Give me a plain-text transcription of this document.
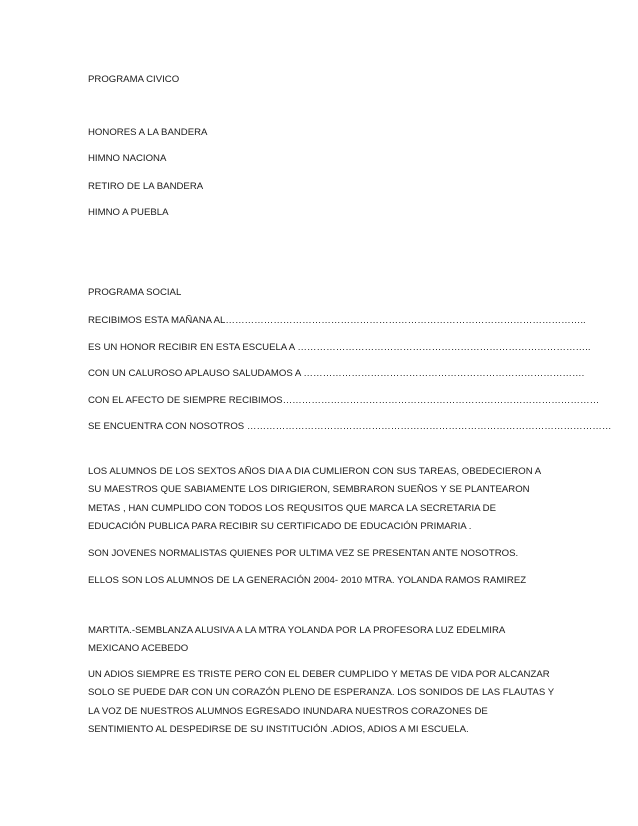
PROGRAMA CIVICO
HONORES A LA BANDERA
HIMNO NACIONA
RETIRO DE LA BANDERA
HIMNO A PUEBLA
PROGRAMA SOCIAL
RECIBIMOS ESTA MAÑANA AL…………………………………………………………………………………………………..
ES UN HONOR RECIBIR EN ESTA ESCUELA A ………………………………………………………………………………..
CON UN CALUROSO APLAUSO SALUDAMOS A …………………………………………………………………………….
CON EL AFECTO DE SIEMPRE RECIBIMOS………………………………………………………………………………………
SE ENCUENTRA CON NOSOTROS ……………………………………………………………………………………………………
LOS ALUMNOS DE LOS SEXTOS AÑOS DIA A DIA CUMLIERON CON SUS TAREAS, OBEDECIERON A
SU MAESTROS QUE SABIAMENTE LOS DIRIGIERON, SEMBRARON SUEÑOS Y SE PLANTEARON
METAS , HAN CUMPLIDO CON TODOS LOS REQUSITOS QUE MARCA LA SECRETARIA DE
EDUCACIÓN PUBLICA PARA RECIBIR SU CERTIFICADO DE EDUCACIÓN PRIMARIA .
SON JOVENES NORMALISTAS QUIENES POR ULTIMA VEZ SE PRESENTAN ANTE NOSOTROS.
ELLOS SON LOS ALUMNOS DE LA GENERACIÓN 2004- 2010 MTRA. YOLANDA RAMOS RAMIREZ
MARTITA.-SEMBLANZA ALUSIVA A LA MTRA YOLANDA POR LA PROFESORA LUZ EDELMIRA
MEXICANO ACEBEDO
UN ADIOS SIEMPRE ES TRISTE PERO CON EL DEBER CUMPLIDO Y METAS DE VIDA POR ALCANZAR
SOLO SE PUEDE DAR CON UN CORAZÓN PLENO DE ESPERANZA. LOS SONIDOS DE LAS FLAUTAS Y
LA VOZ DE NUESTROS ALUMNOS EGRESADO INUNDARA NUESTROS CORAZONES DE
SENTIMIENTO AL DESPEDIRSE DE SU INSTITUCIÓN .ADIOS, ADIOS A MI ESCUELA.
